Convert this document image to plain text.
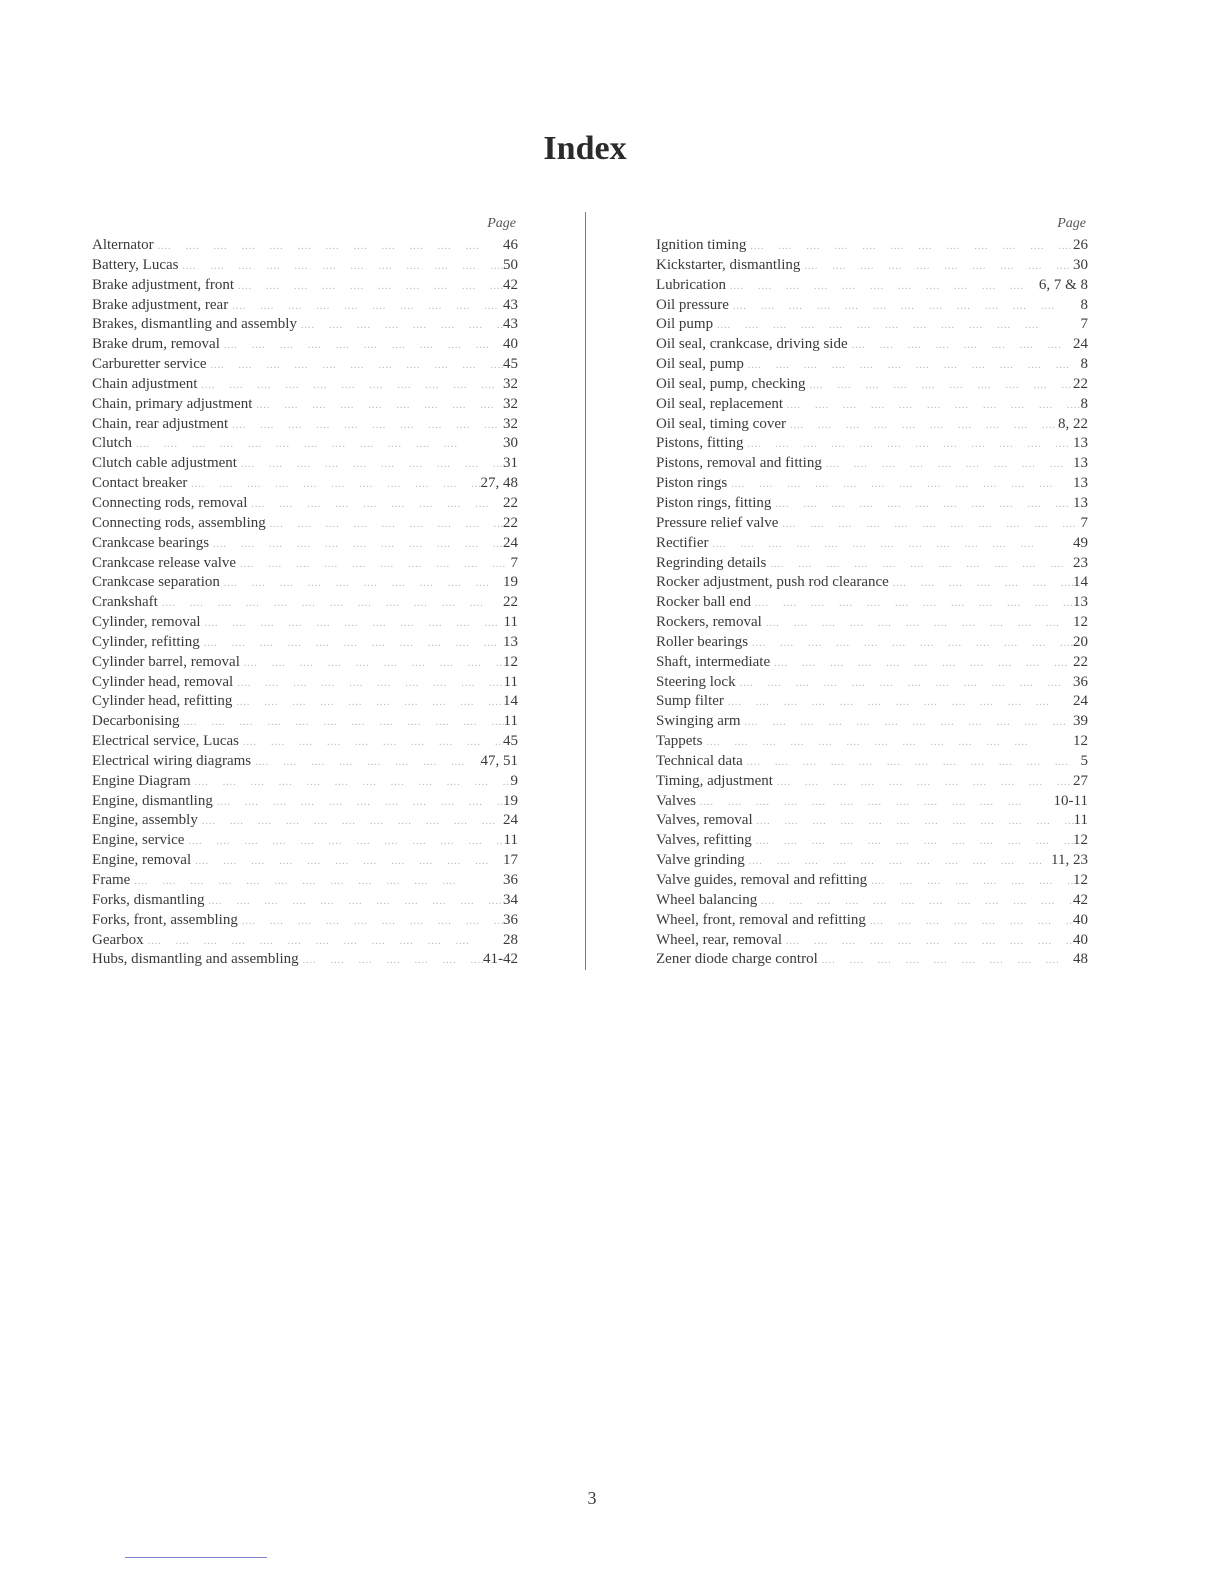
Index
Page
Alternator ....	46
Battery, Lucas ....	50
Brake adjustment, front ....	42
Brake adjustment, rear ....	43
Brakes, dismantling and assembly ....	43
Brake drum, removal ....	40
Carburetter service ....	45
Chain adjustment ....	32
Chain, primary adjustment ....	32
Chain, rear adjustment ....	32
Clutch ....	30
Clutch cable adjustment ....	31
Contact breaker ....	27, 48
Connecting rods, removal ....	22
Connecting rods, assembling ....	22
Crankcase bearings ....	24
Crankcase release valve ....	7
Crankcase separation ....	19
Crankshaft ....	22
Cylinder, removal ....	11
Cylinder, refitting ....	13
Cylinder barrel, removal ....	12
Cylinder head, removal ....	11
Cylinder head, refitting ....	14
Decarbonising ....	11
Electrical service, Lucas ....	45
Electrical wiring diagrams ....	47, 51
Engine Diagram ....	9
Engine, dismantling ....	19
Engine, assembly ....	24
Engine, service ....	11
Engine, removal ....	17
Frame ....	36
Forks, dismantling ....	34
Forks, front, assembling ....	36
Gearbox ....	28
Hubs, dismantling and assembling ....	41-42
Page
Ignition timing ....	26
Kickstarter, dismantling ....	30
Lubrication ....	6, 7 & 8
Oil pressure ....	8
Oil pump ....	7
Oil seal, crankcase, driving side ....	24
Oil seal, pump ....	8
Oil seal, pump, checking ....	22
Oil seal, replacement ....	8
Oil seal, timing cover ....	8, 22
Pistons, fitting ....	13
Pistons, removal and fitting ....	13
Piston rings ....	13
Piston rings, fitting ....	13
Pressure relief valve ....	7
Rectifier ....	49
Regrinding details ....	23
Rocker adjustment, push rod clearance ....	14
Rocker ball end ....	13
Rockers, removal ....	12
Roller bearings ....	20
Shaft, intermediate ....	22
Steering lock ....	36
Sump filter ....	24
Swinging arm ....	39
Tappets ....	12
Technical data ....	5
Timing, adjustment ....	27
Valves ....	10-11
Valves, removal ....	11
Valves, refitting ....	12
Valve grinding ....	11, 23
Valve guides, removal and refitting ....	12
Wheel balancing ....	42
Wheel, front, removal and refitting ....	40
Wheel, rear, removal ....	40
Zener diode charge control ....	48
3
